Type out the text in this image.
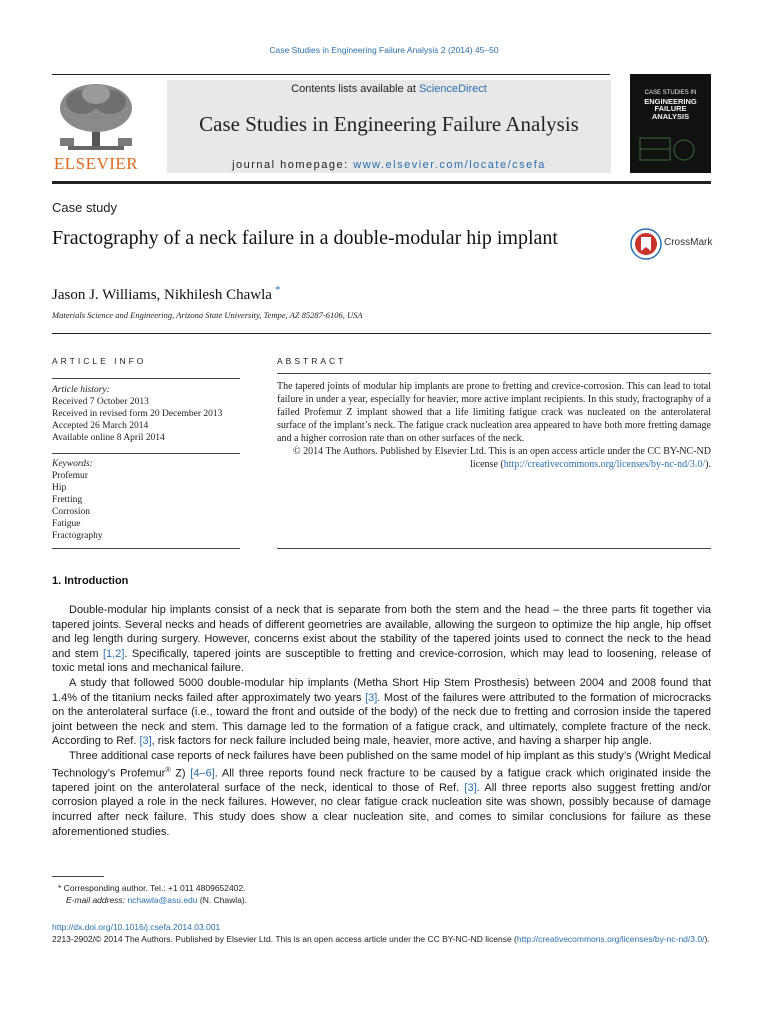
Case Studies in Engineering Failure Analysis 2 (2014) 45–50
ELSEVIER
Contents lists available at ScienceDirect
Case Studies in Engineering Failure Analysis
journal homepage: www.elsevier.com/locate/csefa
CASE STUDIES IN
ENGINEERING
FAILURE
ANALYSIS
Case study
Fractography of a neck failure in a double-modular hip implant	CrossMark
Jason J. Williams, Nikhilesh Chawla *
Materials Science and Engineering, Arizona State University, Tempe, AZ 85287-6106, USA
ARTICLE INFO
Article history:
Received 7 October 2013
Received in revised form 20 December 2013
Accepted 26 March 2014
Available online 8 April 2014
Keywords:
Profemur
Hip
Fretting
Corrosion
Fatigue
Fractography
ABSTRACT
The tapered joints of modular hip implants are prone to fretting and crevice-corrosion. This can lead to total failure in under a year, especially for heavier, more active implant recipients. In this study, fractography of a failed Profemur Z implant showed that a life limiting fatigue crack was nucleated on the anterolateral surface of the implant’s neck. The fatigue crack nucleation area appeared to have both more fretting damage and a higher corrosion rate than on other surfaces of the neck.
© 2014 The Authors. Published by Elsevier Ltd. This is an open access article under the CC BY-NC-ND license (http://creativecommons.org/licenses/by-nc-nd/3.0/).
1. Introduction

Double-modular hip implants consist of a neck that is separate from both the stem and the head – the three parts fit together via tapered joints. Several necks and heads of different geometries are available, allowing the surgeon to optimize the hip angle, hip offset and leg length during surgery. However, concerns exist about the stability of the tapered joints used to connect the neck to the head and stem [1,2]. Specifically, tapered joints are susceptible to fretting and crevice-corrosion, which may lead to loosening, release of toxic metal ions and mechanical failure.

A study that followed 5000 double-modular hip implants (Metha Short Hip Stem Prosthesis) between 2004 and 2008 found that 1.4% of the titanium necks failed after approximately two years [3]. Most of the failures were attributed to the formation of microcracks on the anterolateral surface (i.e., toward the front and outside of the body) of the neck due to fretting and corrosion inside the tapered joint between the neck and stem. This damage led to the formation of a fatigue crack, and ultimately, complete fracture of the neck. According to Ref. [3], risk factors for neck failure included being male, heavier, more active, and having a sharper hip angle.

Three additional case reports of neck failures have been published on the same model of hip implant as this study’s (Wright Medical Technology’s Profemur® Z) [4–6]. All three reports found neck fracture to be caused by a fatigue crack which originated inside the tapered joint on the anterolateral surface of the neck, identical to those of Ref. [3]. All three reports also suggest fretting and/or corrosion played a role in the neck failures. However, no clear fatigue crack nucleation site was shown, possibly because of damage incurred after neck failure. This study does show a clear nucleation site, and comes to similar conclusions for failure as these aforementioned studies.

* Corresponding author. Tel.: +1 011 4809652402.
E-mail address: nchawla@asu.edu (N. Chawla).
http://dx.doi.org/10.1016/j.csefa.2014.03.001
2213-2902/© 2014 The Authors. Published by Elsevier Ltd. This is an open access article under the CC BY-NC-ND license (http://creativecommons.org/licenses/by-nc-nd/3.0/).
